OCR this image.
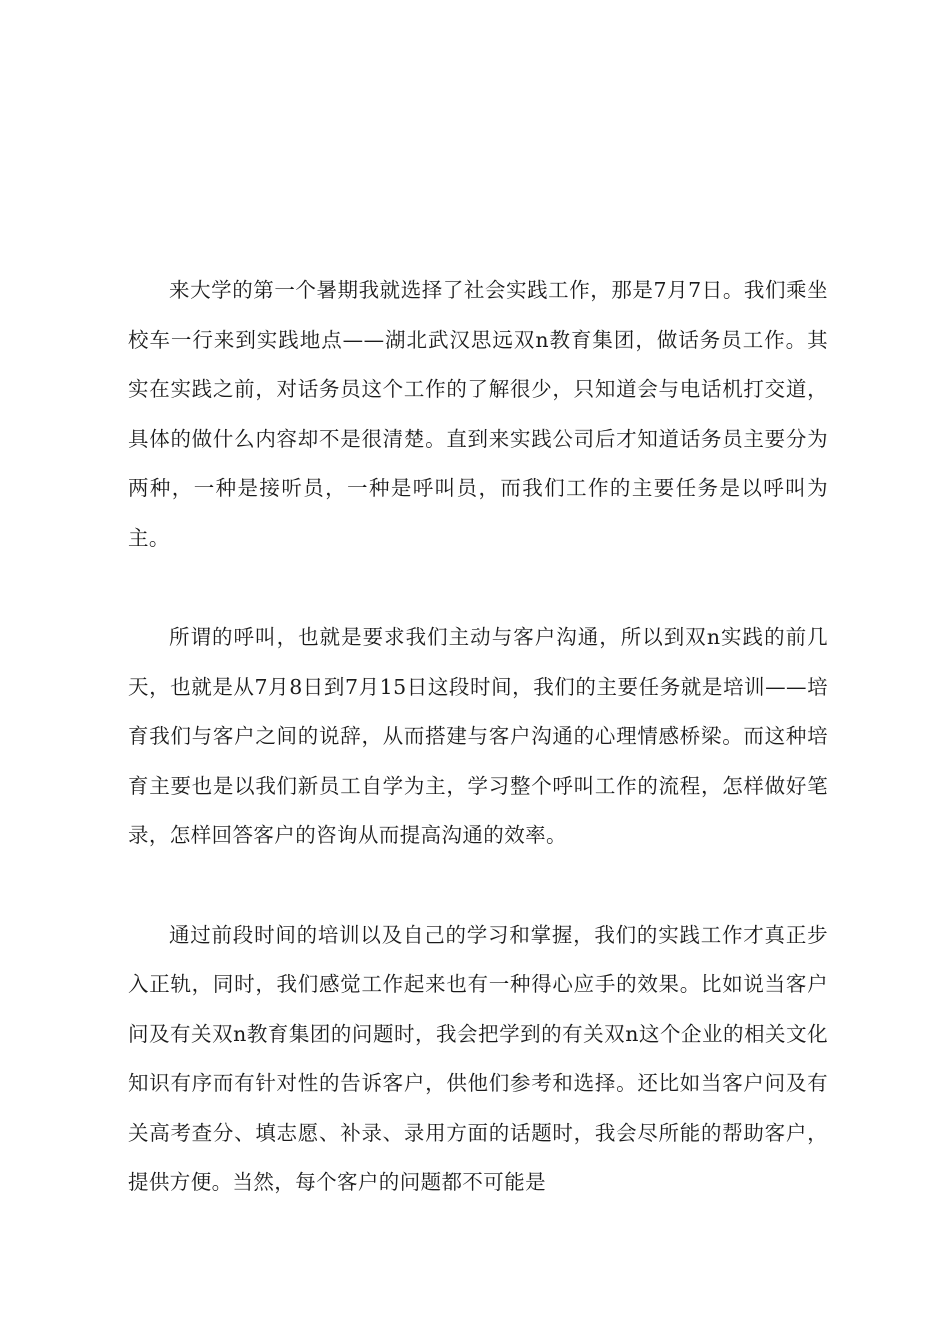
来大学的第一个暑期我就选择了社会实践工作，那是7月7日。我们乘坐校车一行来到实践地点——湖北武汉思远双n教育集团，做话务员工作。其实在实践之前，对话务员这个工作的了解很少，只知道会与电话机打交道，具体的做什么内容却不是很清楚。直到来实践公司后才知道话务员主要分为两种，一种是接听员，一种是呼叫员，而我们工作的主要任务是以呼叫为主。

所谓的呼叫，也就是要求我们主动与客户沟通，所以到双n实践的前几天，也就是从7月8日到7月15日这段时间，我们的主要任务就是培训——培育我们与客户之间的说辞，从而搭建与客户沟通的心理情感桥梁。而这种培育主要也是以我们新员工自学为主，学习整个呼叫工作的流程，怎样做好笔录，怎样回答客户的咨询从而提高沟通的效率。

通过前段时间的培训以及自己的学习和掌握，我们的实践工作才真正步入正轨，同时，我们感觉工作起来也有一种得心应手的效果。比如说当客户问及有关双n教育集团的问题时，我会把学到的有关双n这个企业的相关文化知识有序而有针对性的告诉客户，供他们参考和选择。还比如当客户问及有关高考查分、填志愿、补录、录用方面的话题时，我会尽所能的帮助客户，提供方便。当然，每个客户的问题都不可能是
